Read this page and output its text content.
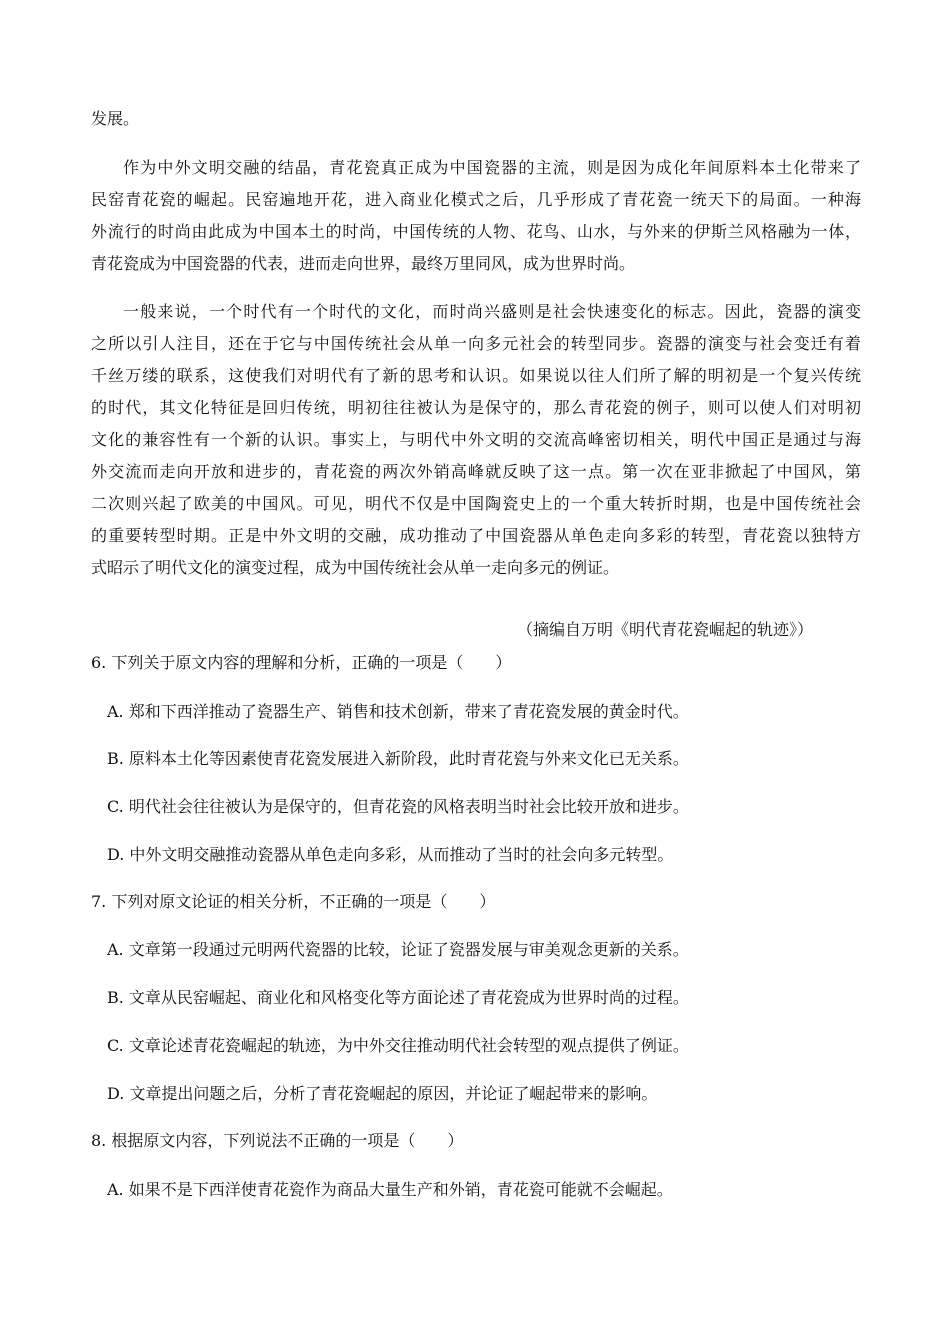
发展。

作为中外文明交融的结晶，青花瓷真正成为中国瓷器的主流，则是因为成化年间原料本土化带来了

民窑青花瓷的崛起。民窑遍地开花，进入商业化模式之后，几乎形成了青花瓷一统天下的局面。一种海

外流行的时尚由此成为中国本土的时尚，中国传统的人物、花鸟、山水，与外来的伊斯兰风格融为一体，

青花瓷成为中国瓷器的代表，进而走向世界，最终万里同风，成为世界时尚。

一般来说，一个时代有一个时代的文化，而时尚兴盛则是社会快速变化的标志。因此，瓷器的演变

之所以引人注目，还在于它与中国传统社会从单一向多元社会的转型同步。瓷器的演变与社会变迁有着

千丝万缕的联系，这使我们对明代有了新的思考和认识。如果说以往人们所了解的明初是一个复兴传统

的时代，其文化特征是回归传统，明初往往被认为是保守的，那么青花瓷的例子，则可以使人们对明初

文化的兼容性有一个新的认识。事实上，与明代中外文明的交流高峰密切相关，明代中国正是通过与海

外交流而走向开放和进步的，青花瓷的两次外销高峰就反映了这一点。第一次在亚非掀起了中国风，第

二次则兴起了欧美的中国风。可见，明代不仅是中国陶瓷史上的一个重大转折时期，也是中国传统社会

的重要转型时期。正是中外文明的交融，成功推动了中国瓷器从单色走向多彩的转型，青花瓷以独特方

式昭示了明代文化的演变过程，成为中国传统社会从单一走向多元的例证。

（摘编自万明《明代青花瓷崛起的轨迹》）

6. 下列关于原文内容的理解和分析，正确的一项是（　　）

A. 郑和下西洋推动了瓷器生产、销售和技术创新，带来了青花瓷发展的黄金时代。

B. 原料本土化等因素使青花瓷发展进入新阶段，此时青花瓷与外来文化已无关系。

C. 明代社会往往被认为是保守的，但青花瓷的风格表明当时社会比较开放和进步。

D. 中外文明交融推动瓷器从单色走向多彩，从而推动了当时的社会向多元转型。

7. 下列对原文论证的相关分析，不正确的一项是（　　）

A. 文章第一段通过元明两代瓷器的比较，论证了瓷器发展与审美观念更新的关系。

B. 文章从民窑崛起、商业化和风格变化等方面论述了青花瓷成为世界时尚的过程。

C. 文章论述青花瓷崛起的轨迹，为中外交往推动明代社会转型的观点提供了例证。

D. 文章提出问题之后，分析了青花瓷崛起的原因，并论证了崛起带来的影响。

8. 根据原文内容，下列说法不正确的一项是（　　）

A. 如果不是下西洋使青花瓷作为商品大量生产和外销，青花瓷可能就不会崛起。
